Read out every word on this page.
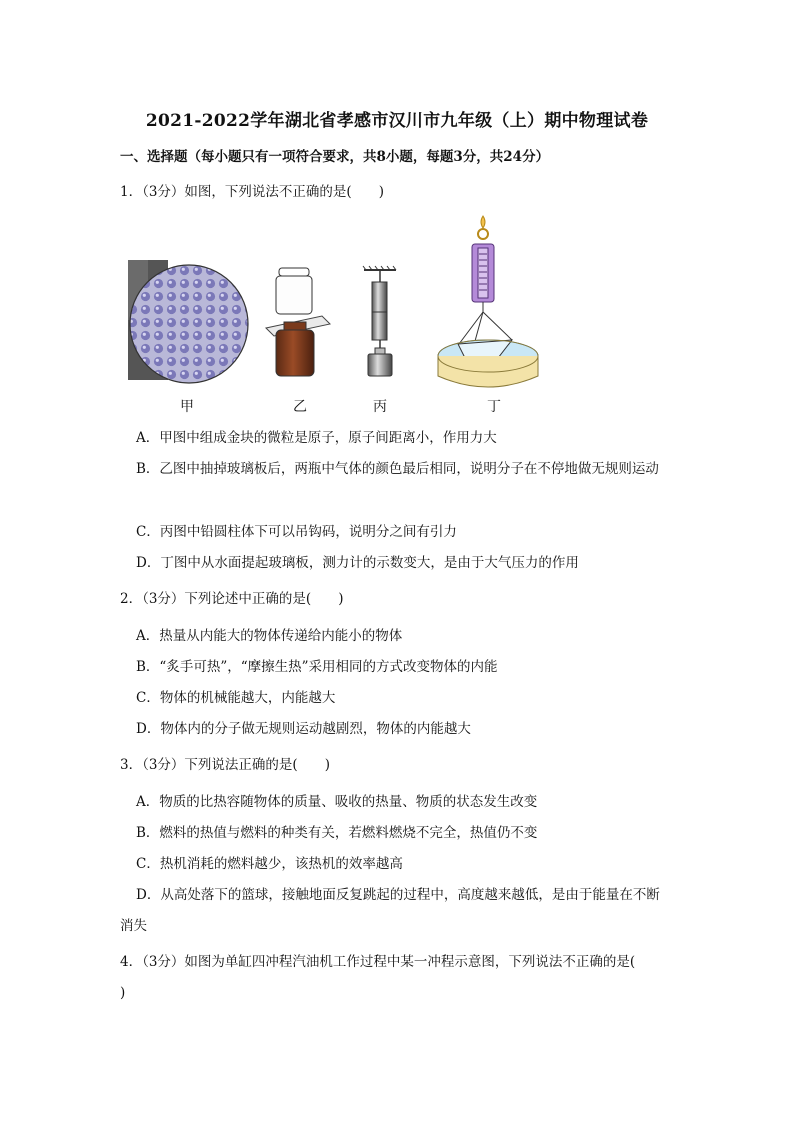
2021-2022学年湖北省孝感市汉川市九年级（上）期中物理试卷
一、选择题（每小题只有一项符合要求，共8小题，每题3分，共24分）
1．（3分）如图，下列说法不正确的是(　　)
甲	乙	丙	丁
A．甲图中组成金块的微粒是原子，原子间距离小，作用力大
B．乙图中抽掉玻璃板后，两瓶中气体的颜色最后相同，说明分子在不停地做无规则运动
C．丙图中铅圆柱体下可以吊钩码，说明分之间有引力
D．丁图中从水面提起玻璃板，测力计的示数变大，是由于大气压力的作用
2．（3分）下列论述中正确的是(　　)
A．热量从内能大的物体传递给内能小的物体
B．“炙手可热”，“摩擦生热”采用相同的方式改变物体的内能
C．物体的机械能越大，内能越大
D．物体内的分子做无规则运动越剧烈，物体的内能越大
3．（3分）下列说法正确的是(　　)
A．物质的比热容随物体的质量、吸收的热量、物质的状态发生改变
B．燃料的热值与燃料的种类有关，若燃料燃烧不完全，热值仍不变
C．热机消耗的燃料越少，该热机的效率越高
D．从高处落下的篮球，接触地面反复跳起的过程中，高度越来越低，是由于能量在不断
消失
4．（3分）如图为单缸四冲程汽油机工作过程中某一冲程示意图，下列说法不正确的是(
)
